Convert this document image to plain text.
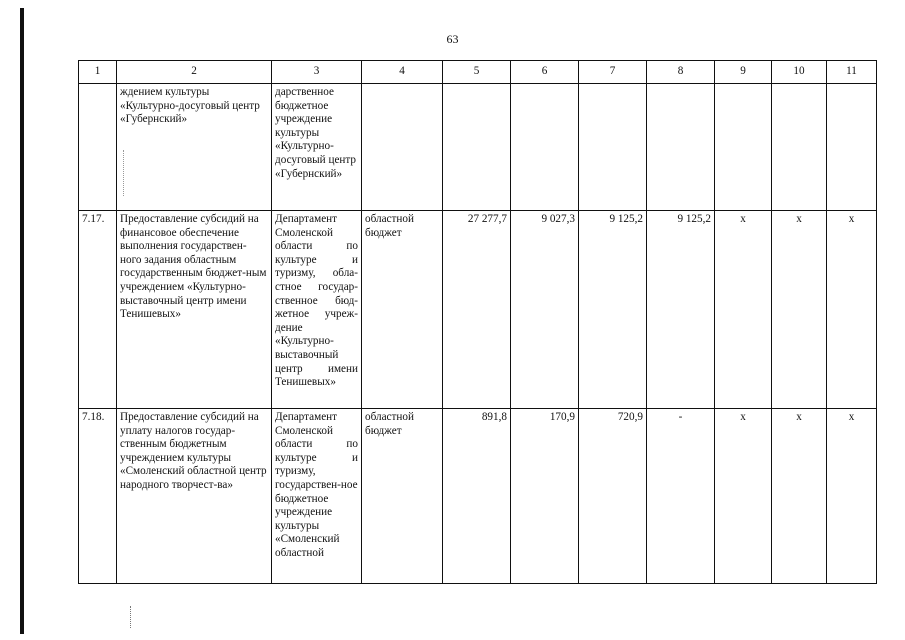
63
1	2	3	4	5	6	7	8	9	10	11
	ждением культуры «Культурно-досуговый центр «Губернский»	дарственное бюджетное учреждение культуры «Культурно-досуговый центр «Губернский»								
7.17.	Предоставление субсидий на финансовое обеспечение выполнения государствен-ного задания областным государственным бюджет-ным учреждением «Культурно-выставочный центр имени Тенишевых»	Департамент Смоленской области по культуре и туризму, обла-стное государ-ственное бюд-жетное учреж-дение «Культурно-выставочный центр имени Тенишевых»	областной бюджет	27 277,7	9 027,3	9 125,2	9 125,2	х	х	х
7.18.	Предоставление субсидий на уплату налогов государ-ственным бюджетным учреждением культуры «Смоленский областной центр народного творчест-ва»	Департамент Смоленской области по культуре и туризму, государствен-ное бюджетное учреждение культуры «Смоленский областной	областной бюджет	891,8	170,9	720,9	-	х	х	х
